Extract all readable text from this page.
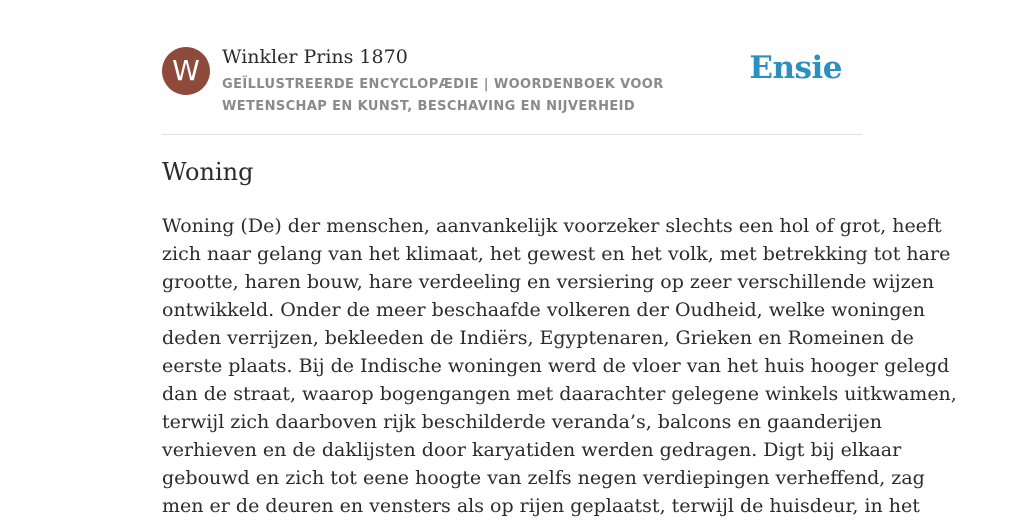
W	Winkler Prins 1870
GEÏLLUSTREERDE ENCYCLOPÆDIE | WOORDENBOEK VOOR WETENSCHAP EN KUNST, BESCHAVING EN NIJVERHEID
Ensie
Woning

Woning (De) der menschen, aanvankelijk voorzeker slechts een hol of grot, heeft
zich naar gelang van het klimaat, het gewest en het volk, met betrekking tot hare
grootte, haren bouw, hare verdeeling en versiering op zeer verschillende wijzen
ontwikkeld. Onder de meer beschaafde volkeren der Oudheid, welke woningen
deden verrijzen, bekleeden de Indiërs, Egyptenaren, Grieken en Romeinen de
eerste plaats. Bij de Indische woningen werd de vloer van het huis hooger gelegd
dan de straat, waarop bogengangen met daarachter gelegene winkels uitkwamen,
terwijl zich daarboven rijk beschilderde veranda’s, balcons en gaanderijen
verhieven en de daklijsten door karyatiden werden gedragen. Digt bij elkaar
gebouwd en zich tot eene hoogte van zelfs negen verdiepingen verheffend, zag
men er de deuren en vensters als op rijen geplaatst, terwijl de huisdeur, in het
